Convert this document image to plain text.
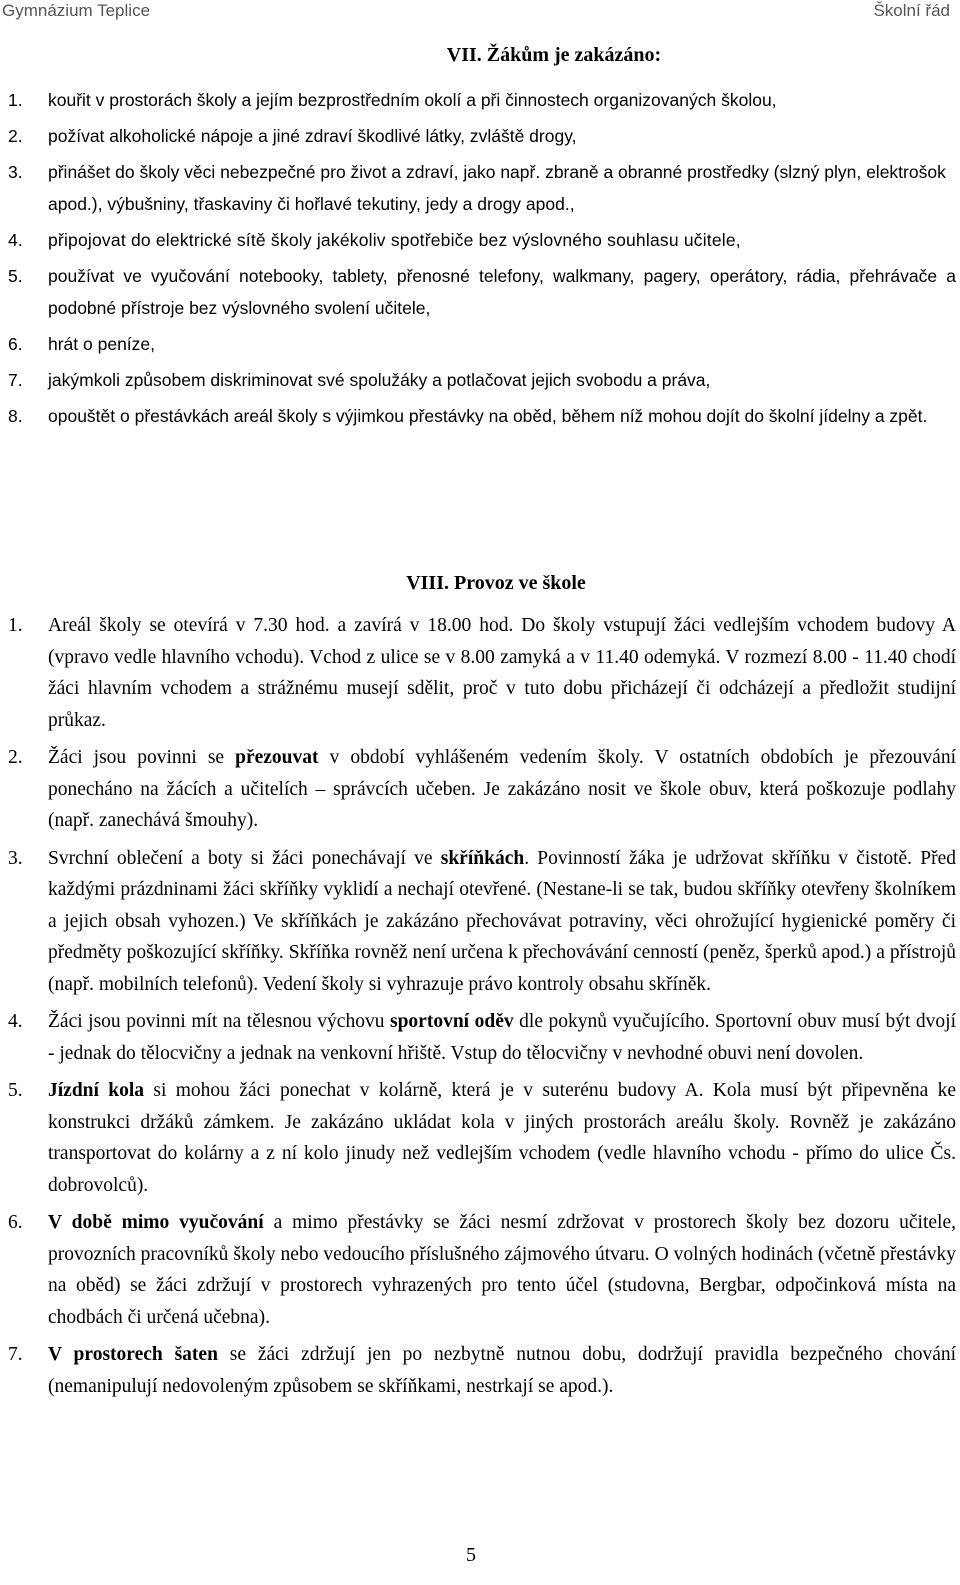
Gymnázium Teplice	Školní řád
VII. Žákům je zakázáno:
1. kouřit v prostorách školy a jejím bezprostředním okolí a při činnostech organizovaných školou,
2. požívat alkoholické nápoje a jiné zdraví škodlivé látky, zvláště drogy,
3. přinášet do školy věci nebezpečné pro život a zdraví, jako např. zbraně a obranné prostředky (slzný plyn, elektrošok apod.), výbušniny, třaskaviny či hořlavé tekutiny, jedy a drogy apod.,
4. připojovat do elektrické sítě školy jakékoliv spotřebiče bez výslovného souhlasu učitele,
5. používat ve vyučování notebooky, tablety, přenosné telefony, walkmany, pagery, operátory, rádia, přehrávače a podobné přístroje bez výslovného svolení učitele,
6. hrát o peníze,
7. jakýmkoli způsobem diskriminovat své spolužáky a potlačovat jejich svobodu a práva,
8. opouštět o přestávkách areál školy s výjimkou přestávky na oběd, během níž mohou dojít do školní jídelny a zpět.
VIII. Provoz ve škole
1. Areál školy se otevírá v 7.30 hod. a zavírá v 18.00 hod. Do školy vstupují žáci vedlejším vchodem budovy A (vpravo vedle hlavního vchodu). Vchod z ulice se v 8.00 zamyká a v 11.40 odemyká. V rozmezí 8.00 - 11.40 chodí žáci hlavním vchodem a strážnému musejí sdělit, proč v tuto dobu přicházejí či odcházejí a předložit studijní průkaz.
2. Žáci jsou povinni se přezouvat v období vyhlášeném vedením školy. V ostatních obdobích je přezouvání ponecháno na žácích a učitelích – správcích učeben. Je zakázáno nosit ve škole obuv, která poškozuje podlahy (např. zanechává šmouhy).
3. Svrchní oblečení a boty si žáci ponechávají ve skříňkách. Povinností žáka je udržovat skříňku v čistotě. Před každými prázdninami žáci skříňky vyklidí a nechají otevřené. (Nestane-li se tak, budou skříňky otevřeny školníkem a jejich obsah vyhozen.) Ve skříňkách je zakázáno přechovávat potraviny, věci ohrožující hygienické poměry či předměty poškozující skříňky. Skříňka rovněž není určena k přechovávání cenností (peněz, šperků apod.) a přístrojů (např. mobilních telefonů). Vedení školy si vyhrazuje právo kontroly obsahu skříněk.
4. Žáci jsou povinni mít na tělesnou výchovu sportovní oděv dle pokynů vyučujícího. Sportovní obuv musí být dvojí - jednak do tělocvičny a jednak na venkovní hřiště. Vstup do tělocvičny v nevhodné obuvi není dovolen.
5. Jízdní kola si mohou žáci ponechat v kolárně, která je v suterénu budovy A. Kola musí být připevněna ke konstrukci držáků zámkem. Je zakázáno ukládat kola v jiných prostorách areálu školy. Rovněž je zakázáno transportovat do kolárny a z ní kolo jinudy než vedlejším vchodem (vedle hlavního vchodu - přímo do ulice Čs. dobrovolců).
6. V době mimo vyučování a mimo přestávky se žáci nesmí zdržovat v prostorech školy bez dozoru učitele, provozních pracovníků školy nebo vedoucího příslušného zájmového útvaru. O volných hodinách (včetně přestávky na oběd) se žáci zdržují v prostorech vyhrazených pro tento účel (studovna, Bergbar, odpočinková místa na chodbách či určená učebna).
7. V prostorech šaten se žáci zdržují jen po nezbytně nutnou dobu, dodržují pravidla bezpečného chování (nemanipulují nedovoleným způsobem se skříňkami, nestrkají se apod.).
5
